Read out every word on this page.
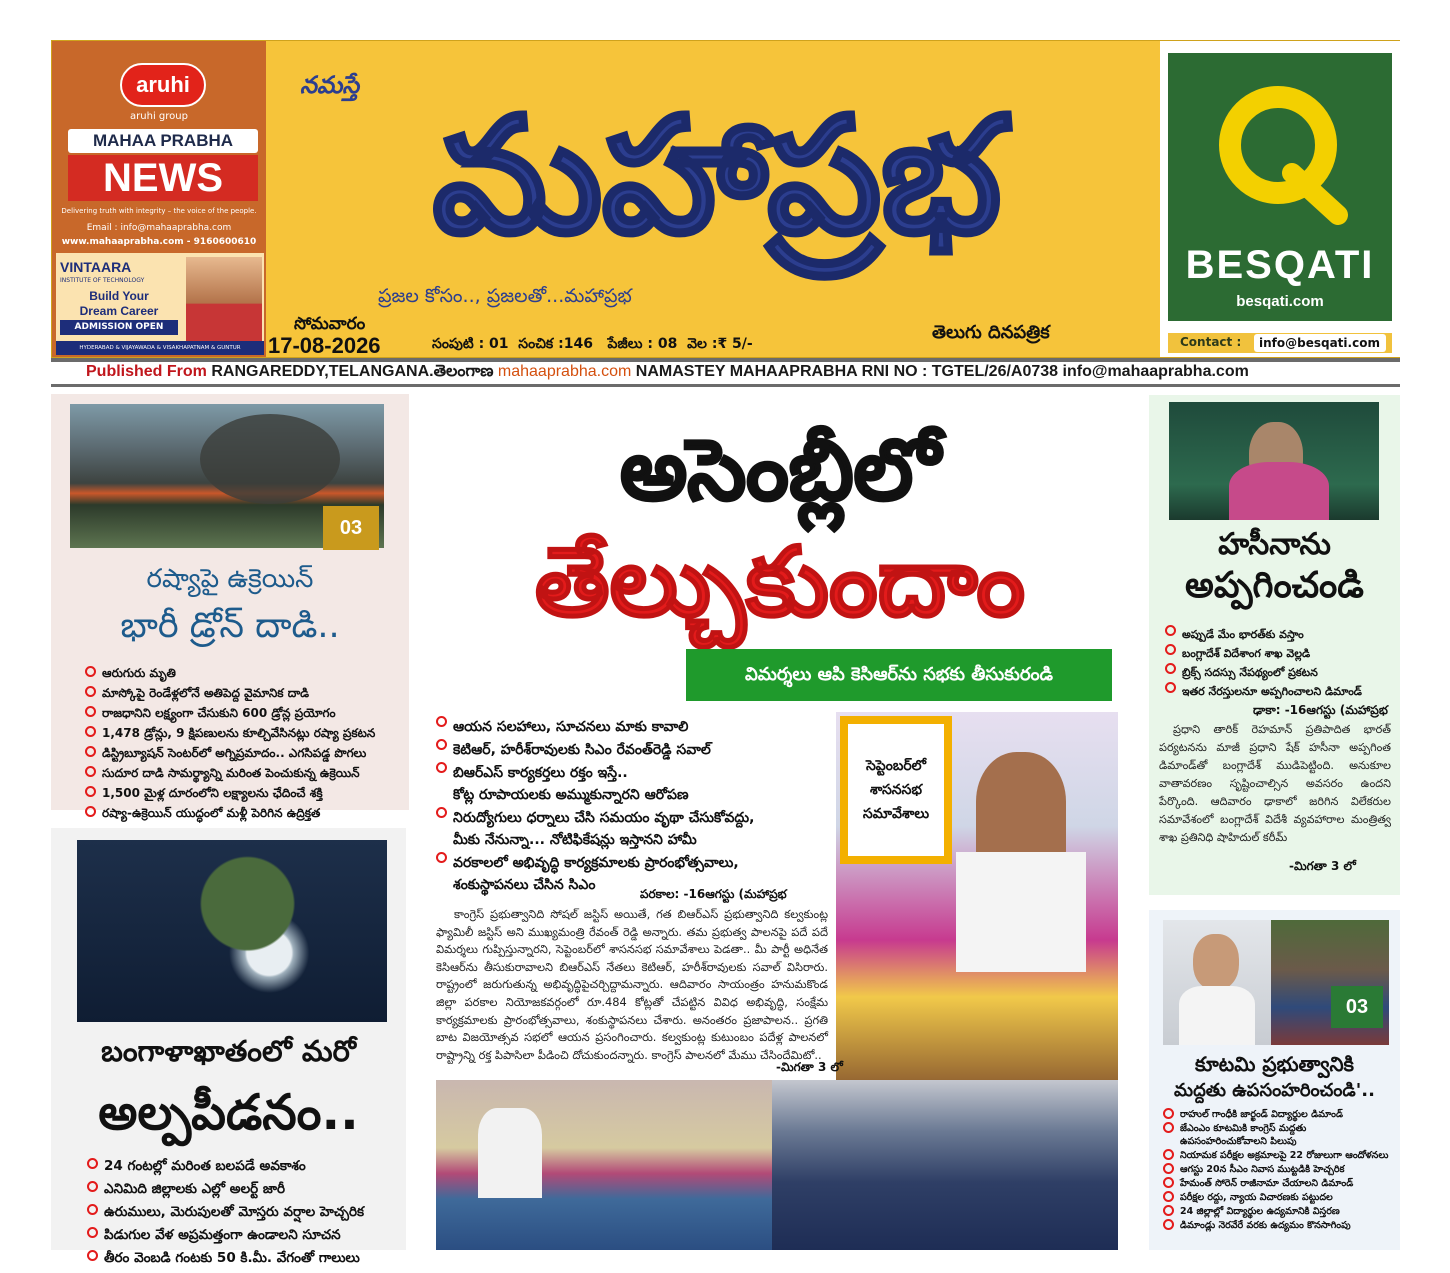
aruhi
aruhi group
MAHAA PRABHA
NEWS
Delivering truth with integrity – the voice of the people.
Email : info@mahaaprabha.com
www.mahaaprabha.com - 9160600610
VINTAARA
INSTITUTE OF TECHNOLOGY
Build Your
Dream Career
ADMISSION OPEN
HYDERABAD & VIJAYAWADA & VISAKHAPATNAM & GUNTUR
నమస్తే మహాప్రభ
ప్రజల కోసం.., ప్రజలతో...మహాప్రభ
సోమవారం
17-08-2026	సంపుటి : 01  సంచిక :146   పేజీలు : 08  వెల :₹ 5/-
తెలుగు దినపత్రిక
BESQATI
besqati.com
Contact :	info@besqati.com
Published From RANGAREDDY,TELANGANA.తెలంగాణ mahaaprabha.com NAMASTEY MAHAAPRABHA RNI NO : TGTEL/26/A0738 info@mahaaprabha.com
03
రష్యాపై ఉక్రెయిన్
భారీ డ్రోన్ దాడి..
ఆరుగురు మృతి
మాస్కోపై రెండేళ్లలోనే అతిపెద్ద వైమానిక దాడి
రాజధానిని లక్ష్యంగా చేసుకుని 600 డ్రోన్ల ప్రయోగం
1,478 డ్రోన్లు, 9 క్షిపణులను కూల్చివేసినట్లు రష్యా ప్రకటన
డిస్ట్రిబ్యూషన్ సెంటర్‌లో అగ్నిప్రమాదం.. ఎగసిపడ్డ పొగలు
సుదూర దాడి సామర్థ్యాన్ని మరింత పెంచుకున్న ఉక్రెయిన్
1,500 మైళ్ల దూరంలోని లక్ష్యాలను ఛేదించే శక్తి
రష్యా-ఉక్రెయిన్ యుద్ధంలో మళ్లీ పెరిగిన ఉద్రిక్తత
బంగాళాఖాతంలో మరో
అల్పపీడనం..
24 గంటల్లో మరింత బలపడే అవకాశం
ఎనిమిది జిల్లాలకు ఎల్లో అలర్ట్ జారీ
ఉరుములు, మెరుపులతో మోస్తరు వర్షాల హెచ్చరిక
పిడుగుల వేళ అప్రమత్తంగా ఉండాలని సూచన
తీరం వెంబడి గంటకు 50 కి.మీ. వేగంతో గాలులు
అసెంబ్లీలో
తేల్చుకుందాం
విమర్శలు ఆపి కెసిఆర్‌ను సభకు తీసుకురండి
ఆయన సలహాలు, సూచనలు మాకు కావాలి
కెటిఆర్, హరీశ్‌రావులకు సిఎం రేవంత్‌రెడ్డి సవాల్
బిఆర్ఎస్ కార్యకర్తలు రక్తం ఇస్తే..
కోట్ల రూపాయలకు అమ్ముకున్నారని ఆరోపణ
నిరుద్యోగులు ధర్నాలు చేసి సమయం వృథా చేసుకోవద్దు,
మీకు నేనున్నా... నోటిఫికేషన్లు ఇస్తానని హామీ
వరకాలలో అభివృద్ధి కార్యక్రమాలకు ప్రారంభోత్సవాలు,
శంకుస్థాపనలు చేసిన సిఎం
సెప్టెంబర్‌లో శాసనసభ సమావేశాలు
పరకాల: -16ఆగస్టు (మహాప్రభ
కాంగ్రెస్ ప్రభుత్వానిది సోషల్ జస్టిస్ అయితే, గత బిఆర్ఎస్ ప్రభుత్వానిది కల్వకుంట్ల ఫ్యామిలీ జస్టిస్ అని ముఖ్యమంత్రి రేవంత్ రెడ్డి అన్నారు. తమ ప్రభుత్వ పాలనపై పదే పదే విమర్శలు గుప్పిస్తున్నారని, సెప్టెంబర్‌లో శాసనసభ సమావేశాలు పెడతా.. మీ పార్టీ అధినేత కెసిఆర్‌ను తీసుకురావాలని బిఆర్ఎస్ నేతలు కెటిఆర్, హరీశ్‌రావులకు సవాల్ విసిరారు. రాష్ట్రంలో జరుగుతున్న అభివృద్ధిపైచర్చిద్దామన్నారు. ఆదివారం సాయంత్రం హనుమకొండ జిల్లా పరకాల నియోజకవర్గంలో రూ.484 కోట్లతో చేపట్టిన వివిధ అభివృద్ధి, సంక్షేమ కార్యక్రమాలకు ప్రారంభోత్సవాలు, శంకుస్థాపనలు చేశారు. అనంతరం ప్రజాపాలన.. ప్రగతి బాట విజయోత్సవ సభలో ఆయన ప్రసంగించారు. కల్వకుంట్ల కుటుంబం పదేళ్ల పాలనలో రాష్ట్రాన్ని రక్త పిపాసిలా పీడించి దోచుకుందన్నారు. కాంగ్రెస్ పాలనలో మేము చేసిందేమిటో..
-మిగతా 3 లో
హసీనాను
అప్పగించండి
అప్పుడే మేం భారత్‌కు వస్తాం
బంగ్లాదేశ్ విదేశాంగ శాఖ వెల్లడి
బ్రిక్స్ సదస్సు నేపథ్యంలో ప్రకటన
ఇతర నేరస్తులనూ అప్పగించాలని డిమాండ్
ఢాకా: -16ఆగస్టు (మహాప్రభ
ప్రధాని తారిక్ రెహమాన్ ప్రతిపాదిత భారత్ పర్యటనను మాజీ ప్రధాని షేక్ హసీనా అప్పగింత డిమాండ్‌తో బంగ్లాదేశ్ ముడిపెట్టింది. అనుకూల వాతావరణం సృష్టించాల్సిన అవసరం ఉందని పేర్కొంది. ఆదివారం ఢాకాలో జరిగిన విలేకరుల సమావేశంలో బంగ్లాదేశ్ విదేశీ వ్యవహారాల మంత్రిత్వ శాఖ ప్రతినిధి షాహిదుల్ కరీమ్
-మిగతా 3 లో
03
కూటమి ప్రభుత్వానికి
మద్దతు ఉపసంహరించండి'..
రాహుల్ గాంధీకి జార్ఖండ్ విద్యార్థుల డిమాండ్
జేఎంఎం కూటమికి కాంగ్రెస్ మద్దతు ఉపసంహరించుకోవాలని పిలుపు
నియామక పరీక్షల అక్రమాలపై 22 రోజులుగా ఆందోళనలు
ఆగస్టు 20న సీఎం నివాస ముట్టడికి హెచ్చరిక
హేమంత్ సోరెన్ రాజీనామా చేయాలని డిమాండ్
పరీక్షల రద్దు, న్యాయ విచారణకు పట్టుదల
24 జిల్లాల్లో విద్యార్థుల ఉద్యమానికి విస్తరణ
డిమాండ్లు నెరవేరే వరకు ఉద్యమం కొనసాగింపు
